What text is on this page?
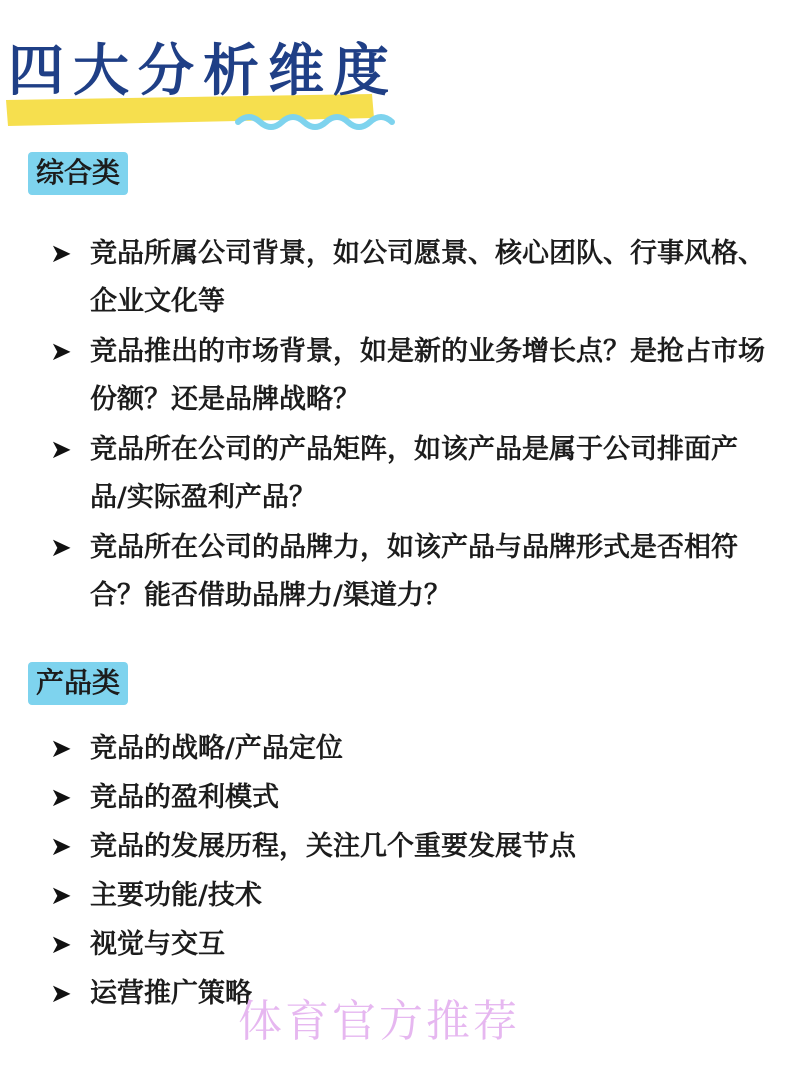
四大分析维度
综合类
➤ 竞品所属公司背景，如公司愿景、核心团队、行事风格、企业文化等
➤ 竞品推出的市场背景，如是新的业务增长点？是抢占市场份额？还是品牌战略？
➤ 竞品所在公司的产品矩阵，如该产品是属于公司排面产品/实际盈利产品？
➤ 竞品所在公司的品牌力，如该产品与品牌形式是否相符合？能否借助品牌力/渠道力？
产品类
➤ 竞品的战略/产品定位
➤ 竞品的盈利模式
➤ 竞品的发展历程，关注几个重要发展节点
➤ 主要功能/技术
➤ 视觉与交互
➤ 运营推广策略
体育官方推荐
